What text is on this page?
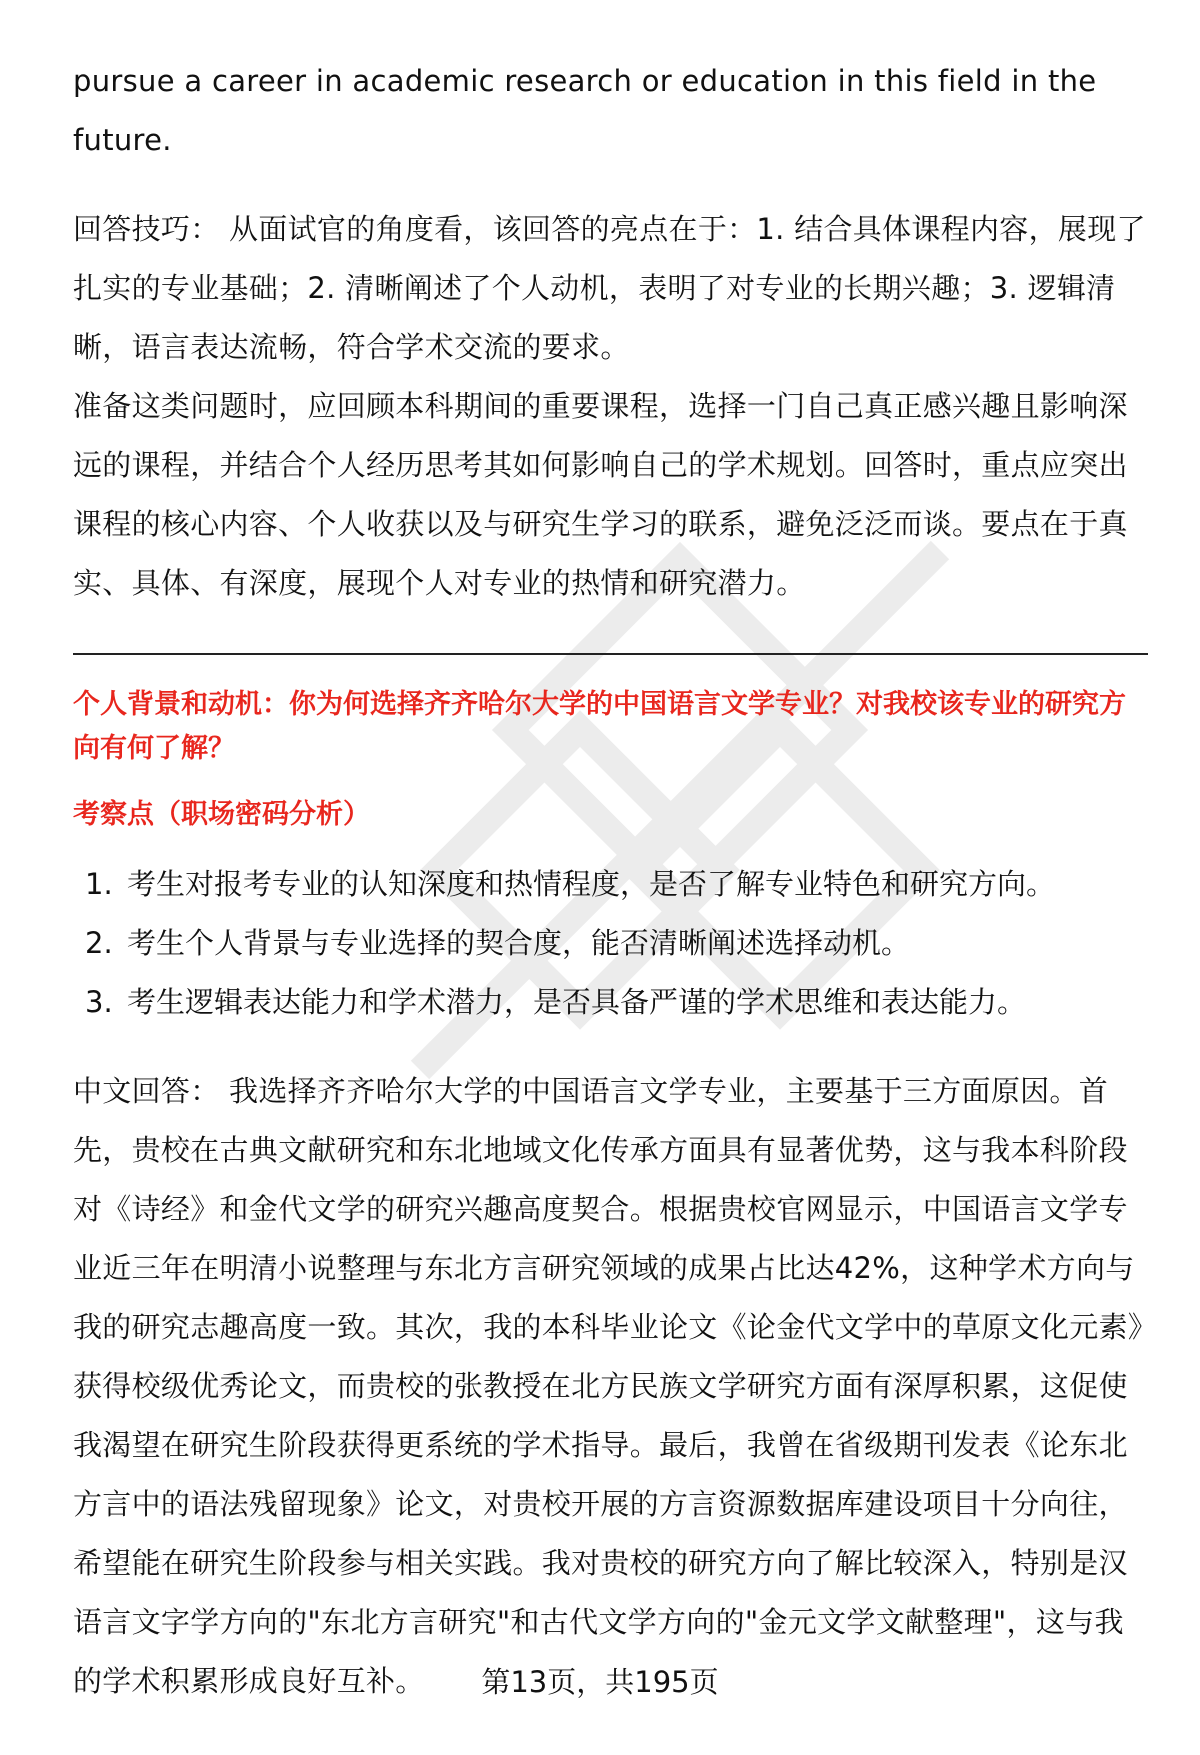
pursue a career in academic research or education in this field in the future.

回答技巧： 从面试官的角度看，该回答的亮点在于：1. 结合具体课程内容，展现了扎实的专业基础；2. 清晰阐述了个人动机，表明了对专业的长期兴趣；3. 逻辑清晰，语言表达流畅，符合学术交流的要求。

准备这类问题时，应回顾本科期间的重要课程，选择一门自己真正感兴趣且影响深远的课程，并结合个人经历思考其如何影响自己的学术规划。回答时，重点应突出课程的核心内容、个人收获以及与研究生学习的联系，避免泛泛而谈。要点在于真实、具体、有深度，展现个人对专业的热情和研究潜力。

个人背景和动机：你为何选择齐齐哈尔大学的中国语言文学专业？对我校该专业的研究方向有何了解？

考察点（职场密码分析）

1. 考生对报考专业的认知深度和热情程度，是否了解专业特色和研究方向。
2. 考生个人背景与专业选择的契合度，能否清晰阐述选择动机。
3. 考生逻辑表达能力和学术潜力，是否具备严谨的学术思维和表达能力。

中文回答： 我选择齐齐哈尔大学的中国语言文学专业，主要基于三方面原因。首先，贵校在古典文献研究和东北地域文化传承方面具有显著优势，这与我本科阶段对《诗经》和金代文学的研究兴趣高度契合。根据贵校官网显示，中国语言文学专业近三年在明清小说整理与东北方言研究领域的成果占比达42%，这种学术方向与我的研究志趣高度一致。其次，我的本科毕业论文《论金代文学中的草原文化元素》获得校级优秀论文，而贵校的张教授在北方民族文学研究方面有深厚积累，这促使我渴望在研究生阶段获得更系统的学术指导。最后，我曾在省级期刊发表《论东北方言中的语法残留现象》论文，对贵校开展的方言资源数据库建设项目十分向往，希望能在研究生阶段参与相关实践。我对贵校的研究方向了解比较深入，特别是汉语言文字学方向的"东北方言研究"和古代文学方向的"金元文学文献整理"，这与我的学术积累形成良好互补。	第13页，共195页
